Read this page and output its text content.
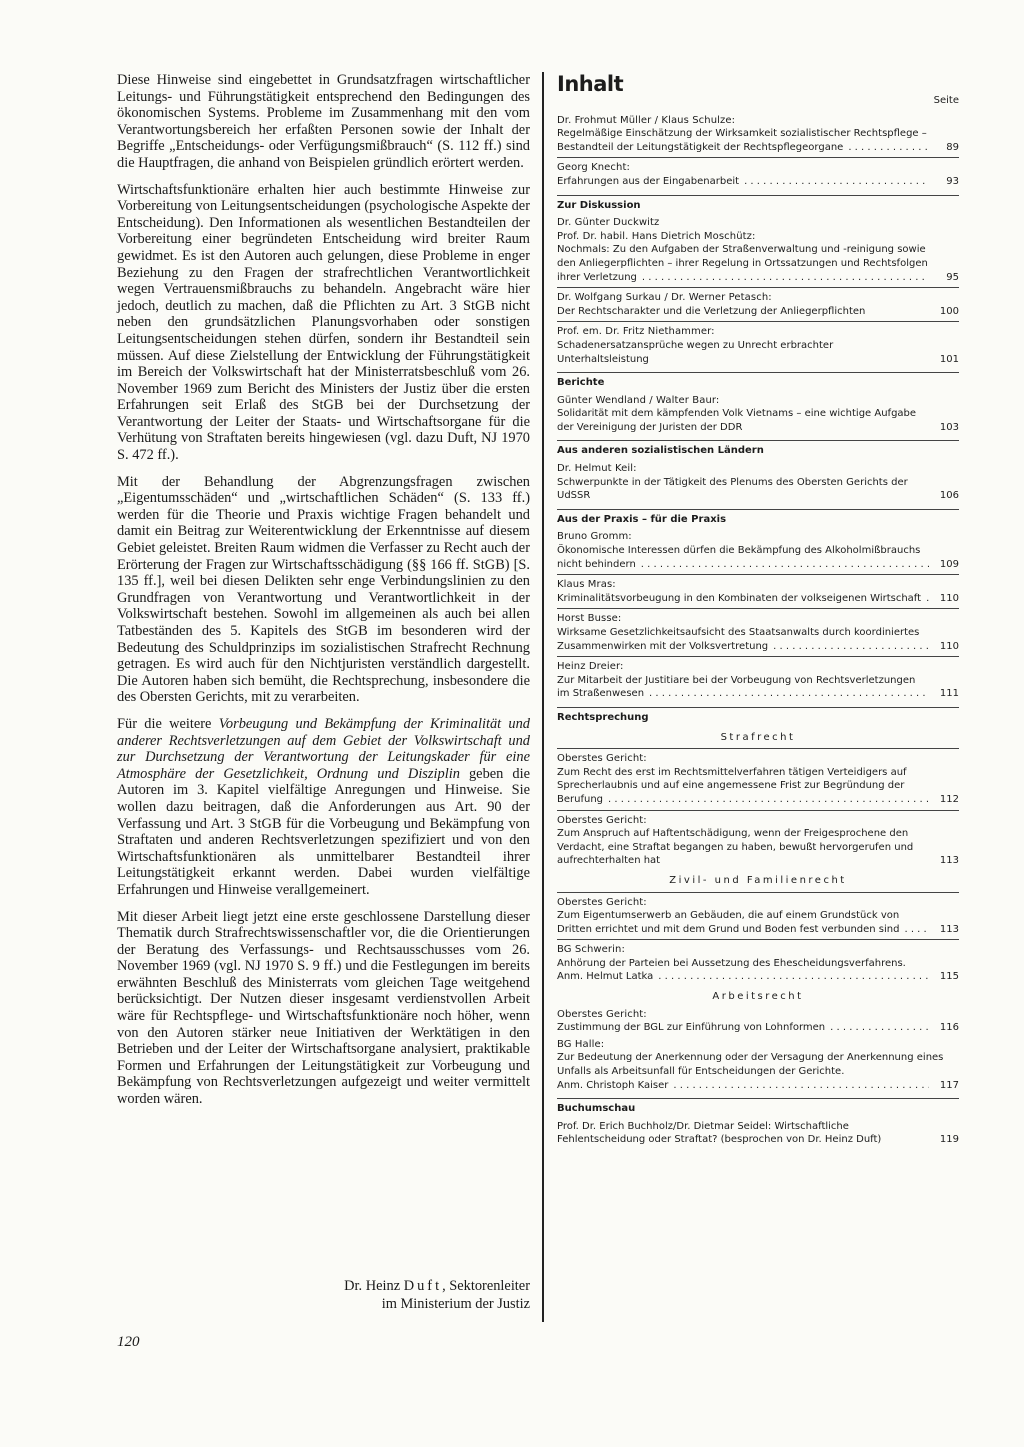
Diese Hinweise sind eingebettet in Grundsatzfragen wirtschaftlicher Leitungs- und Führungstätigkeit entsprechend den Bedingungen des ökonomischen Systems. Probleme im Zusammenhang mit den vom Verantwortungsbereich her erfaßten Personen sowie der Inhalt der Begriffe „Entscheidungs- oder Verfügungsmißbrauch“ (S. 112 ff.) sind die Hauptfragen, die anhand von Beispielen gründlich erörtert werden.

Wirtschaftsfunktionäre erhalten hier auch bestimmte Hinweise zur Vorbereitung von Leitungsentscheidungen (psychologische Aspekte der Entscheidung). Den Informationen als wesentlichen Bestandteilen der Vorbereitung einer begründeten Entscheidung wird breiter Raum gewidmet. Es ist den Autoren auch gelungen, diese Probleme in enger Beziehung zu den Fragen der strafrechtlichen Verantwortlichkeit wegen Vertrauensmißbrauchs zu behandeln. Angebracht wäre hier jedoch, deutlich zu machen, daß die Pflichten zu Art. 3 StGB nicht neben den grundsätzlichen Planungsvorhaben oder sonstigen Leitungsentscheidungen stehen dürfen, sondern ihr Bestandteil sein müssen. Auf diese Zielstellung der Entwicklung der Führungstätigkeit im Bereich der Volkswirtschaft hat der Ministerratsbeschluß vom 26. November 1969 zum Bericht des Ministers der Justiz über die ersten Erfahrungen seit Erlaß des StGB bei der Durchsetzung der Verantwortung der Leiter der Staats- und Wirtschaftsorgane für die Verhütung von Straftaten bereits hingewiesen (vgl. dazu Duft, NJ 1970 S. 472 ff.).

Mit der Behandlung der Abgrenzungsfragen zwischen „Eigentumsschäden“ und „wirtschaftlichen Schäden“ (S. 133 ff.) werden für die Theorie und Praxis wichtige Fragen behandelt und damit ein Beitrag zur Weiterentwicklung der Erkenntnisse auf diesem Gebiet geleistet. Breiten Raum widmen die Verfasser zu Recht auch der Erörterung der Fragen zur Wirtschaftsschädigung (§§ 166 ff. StGB) [S. 135 ff.], weil bei diesen Delikten sehr enge Verbindungslinien zu den Grundfragen von Verantwortung und Verantwortlichkeit in der Volkswirtschaft bestehen. Sowohl im allgemeinen als auch bei allen Tatbeständen des 5. Kapitels des StGB im besonderen wird der Bedeutung des Schuldprinzips im sozialistischen Strafrecht Rechnung getragen. Es wird auch für den Nichtjuristen verständlich dargestellt. Die Autoren haben sich bemüht, die Rechtsprechung, insbesondere die des Obersten Gerichts, mit zu verarbeiten.

Für die weitere Vorbeugung und Bekämpfung der Kriminalität und anderer Rechtsverletzungen auf dem Gebiet der Volkswirtschaft und zur Durchsetzung der Verantwortung der Leitungskader für eine Atmosphäre der Gesetzlichkeit, Ordnung und Disziplin geben die Autoren im 3. Kapitel vielfältige Anregungen und Hinweise. Sie wollen dazu beitragen, daß die Anforderungen aus Art. 90 der Verfassung und Art. 3 StGB für die Vorbeugung und Bekämpfung von Straftaten und anderen Rechtsverletzungen spezifiziert und von den Wirtschaftsfunktionären als unmittelbarer Bestandteil ihrer Leitungstätigkeit erkannt werden. Dabei wurden vielfältige Erfahrungen und Hinweise verallgemeinert.

Mit dieser Arbeit liegt jetzt eine erste geschlossene Darstellung dieser Thematik durch Strafrechtswissenschaftler vor, die die Orientierungen der Beratung des Verfassungs- und Rechtsausschusses vom 26. November 1969 (vgl. NJ 1970 S. 9 ff.) und die Festlegungen im bereits erwähnten Beschluß des Ministerrats vom gleichen Tage weitgehend berücksichtigt. Der Nutzen dieser insgesamt verdienstvollen Arbeit wäre für Rechtspflege- und Wirtschaftsfunktionäre noch höher, wenn von den Autoren stärker neue Initiativen der Werktätigen in den Betrieben und der Leiter der Wirtschaftsorgane analysiert, praktikable Formen und Erfahrungen der Leitungstätigkeit zur Vorbeugung und Bekämpfung von Rechtsverletzungen aufgezeigt und weiter vermittelt worden wären.

Dr. Heinz Duft, Sektorenleiter
im Ministerium der Justiz
120
Inhalt
Seite
Dr. Frohmut Müller / Klaus Schulze:
Regelmäßige Einschätzung der Wirksamkeit sozialistischer Rechtspflege – Bestandteil der Leitungstätigkeit der Rechtspflegeorgane . . .	89
Georg Knecht:
Erfahrungen aus der Eingabenarbeit . . .	93
Zur Diskussion
Dr. Günter Duckwitz
Prof. Dr. habil. Hans Dietrich Moschütz:
Nochmals: Zu den Aufgaben der Straßenverwaltung und -reinigung sowie den Anliegerpflichten – ihrer Regelung in Ortssatzungen und Rechtsfolgen ihrer Verletzung . . .	95
Dr. Wolfgang Surkau / Dr. Werner Petasch:
Der Rechtscharakter und die Verletzung der Anliegerpflichten	100
Prof. em. Dr. Fritz Niethammer:
Schadenersatzansprüche wegen zu Unrecht erbrachter Unterhaltsleistung	101
Berichte
Günter Wendland / Walter Baur:
Solidarität mit dem kämpfenden Volk Vietnams – eine wichtige Aufgabe der Vereinigung der Juristen der DDR	103
Aus anderen sozialistischen Ländern
Dr. Helmut Keil:
Schwerpunkte in der Tätigkeit des Plenums des Obersten Gerichts der UdSSR	106
Aus der Praxis – für die Praxis
Bruno Gromm:
Ökonomische Interessen dürfen die Bekämpfung des Alkoholmißbrauchs nicht behindern . . .	109
Klaus Mras:
Kriminalitätsvorbeugung in den Kombinaten der volkseigenen Wirtschaft . . .	110
Horst Busse:
Wirksame Gesetzlichkeitsaufsicht des Staatsanwalts durch koordiniertes Zusammenwirken mit der Volksvertretung . . .	110
Heinz Dreier:
Zur Mitarbeit der Justitiare bei der Vorbeugung von Rechtsverletzungen im Straßenwesen . . .	111
Rechtsprechung
Strafrecht
Oberstes Gericht:
Zum Recht des erst im Rechtsmittelverfahren tätigen Verteidigers auf Sprecherlaubnis und auf eine angemessene Frist zur Begründung der Berufung . . .	112
Oberstes Gericht:
Zum Anspruch auf Haftentschädigung, wenn der Freigesprochene den Verdacht, eine Straftat begangen zu haben, bewußt hervorgerufen und aufrechterhalten hat	113
Zivil- und Familienrecht
Oberstes Gericht:
Zum Eigentumserwerb an Gebäuden, die auf einem Grundstück von Dritten errichtet und mit dem Grund und Boden fest verbunden sind . . .	113
BG Schwerin:
Anhörung der Parteien bei Aussetzung des Ehescheidungsverfahrens.
Anm. Helmut Latka . . .	115
Arbeitsrecht
Oberstes Gericht:
Zustimmung der BGL zur Einführung von Lohnformen . . .	116
BG Halle:
Zur Bedeutung der Anerkennung oder der Versagung der Anerkennung eines Unfalls als Arbeitsunfall für Entscheidungen der Gerichte.
Anm. Christoph Kaiser . . .	117
Buchumschau
Prof. Dr. Erich Buchholz/Dr. Dietmar Seidel: Wirtschaftliche Fehlentscheidung oder Straftat? (besprochen von Dr. Heinz Duft)	119
